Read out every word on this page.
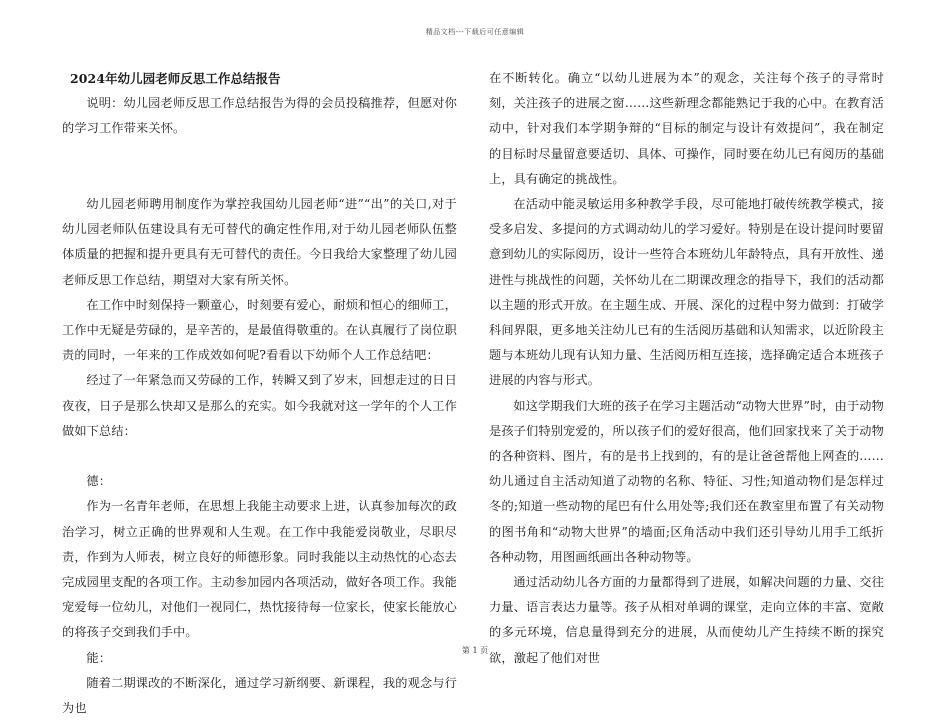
精品文档---下载后可任意编辑

2024年幼儿园老师反思工作总结报告

说明：幼儿园老师反思工作总结报告为得的会员投稿推荐，但愿对你的学习工作带来关怀。

幼儿园老师聘用制度作为掌控我国幼儿园老师“进”“出”的关口,对于幼儿园老师队伍建设具有无可替代的确定性作用,对于幼儿园老师队伍整体质量的把握和提升更具有无可替代的责任。今日我给大家整理了幼儿园老师反思工作总结，期望对大家有所关怀。

在工作中时刻保持一颗童心，时刻要有爱心，耐烦和恒心的细师工，工作中无疑是劳碌的，是辛苦的，是最值得敬重的。在认真履行了岗位职责的同时，一年来的工作成效如何呢?看看以下幼师个人工作总结吧：

经过了一年紧急而又劳碌的工作，转瞬又到了岁末，回想走过的日日夜夜，日子是那么快却又是那么的充实。如今我就对这一学年的个人工作做如下总结：

德：

作为一名青年老师，在思想上我能主动要求上进，认真参加每次的政治学习，树立正确的世界观和人生观。在工作中我能爱岗敬业，尽职尽责，作到为人师表，树立良好的师德形象。同时我能以主动热忱的心态去完成园里支配的各项工作。主动参加园内各项活动，做好各项工作。我能宠爱每一位幼儿，对他们一视同仁，热忱接待每一位家长，使家长能放心的将孩子交到我们手中。

能：

随着二期课改的不断深化，通过学习新纲要、新课程，我的观念与行为也

在不断转化。确立“以幼儿进展为本”的观念，关注每个孩子的寻常时刻，关注孩子的进展之窗……这些新理念都能熟记于我的心中。在教育活动中，针对我们本学期争辩的“目标的制定与设计有效提问”，我在制定的目标时尽量留意要适切、具体、可操作，同时要在幼儿已有阅历的基础上，具有确定的挑战性。

在活动中能灵敏运用多种教学手段，尽可能地打破传统教学模式，接受多启发、多提问的方式调动幼儿的学习爱好。特别是在设计提问时要留意到幼儿的实际阅历，设计一些符合本班幼儿年龄特点，具有开放性、递进性与挑战性的问题，关怀幼儿在二期课改理念的指导下，我们的活动都以主题的形式开放。在主题生成、开展、深化的过程中努力做到：打破学科间界限，更多地关注幼儿已有的生活阅历基础和认知需求，以近阶段主题与本班幼儿现有认知力量、生活阅历相互连接，选择确定适合本班孩子进展的内容与形式。

如这学期我们大班的孩子在学习主题活动“动物大世界”时，由于动物是孩子们特别宠爱的，所以孩子们的爱好很高，他们回家找来了关于动物的各种资料、图片，有的是书上找到的，有的是让爸爸帮他上网查的……幼儿通过自主活动知道了动物的名称、特征、习性;知道动物们是怎样过冬的;知道一些动物的尾巴有什么用处等;我们还在教室里布置了有关动物的图书角和“动物大世界”的墙面;区角活动中我们还引导幼儿用手工纸折各种动物，用图画纸画出各种动物等。

通过活动幼儿各方面的力量都得到了进展，如解决问题的力量、交往力量、语言表达力量等。孩子从相对单调的课堂，走向立体的丰富、宽敞的多元环境，信息量得到充分的进展，从而使幼儿产生持续不断的探究欲，激起了他们对世

第 1 页
